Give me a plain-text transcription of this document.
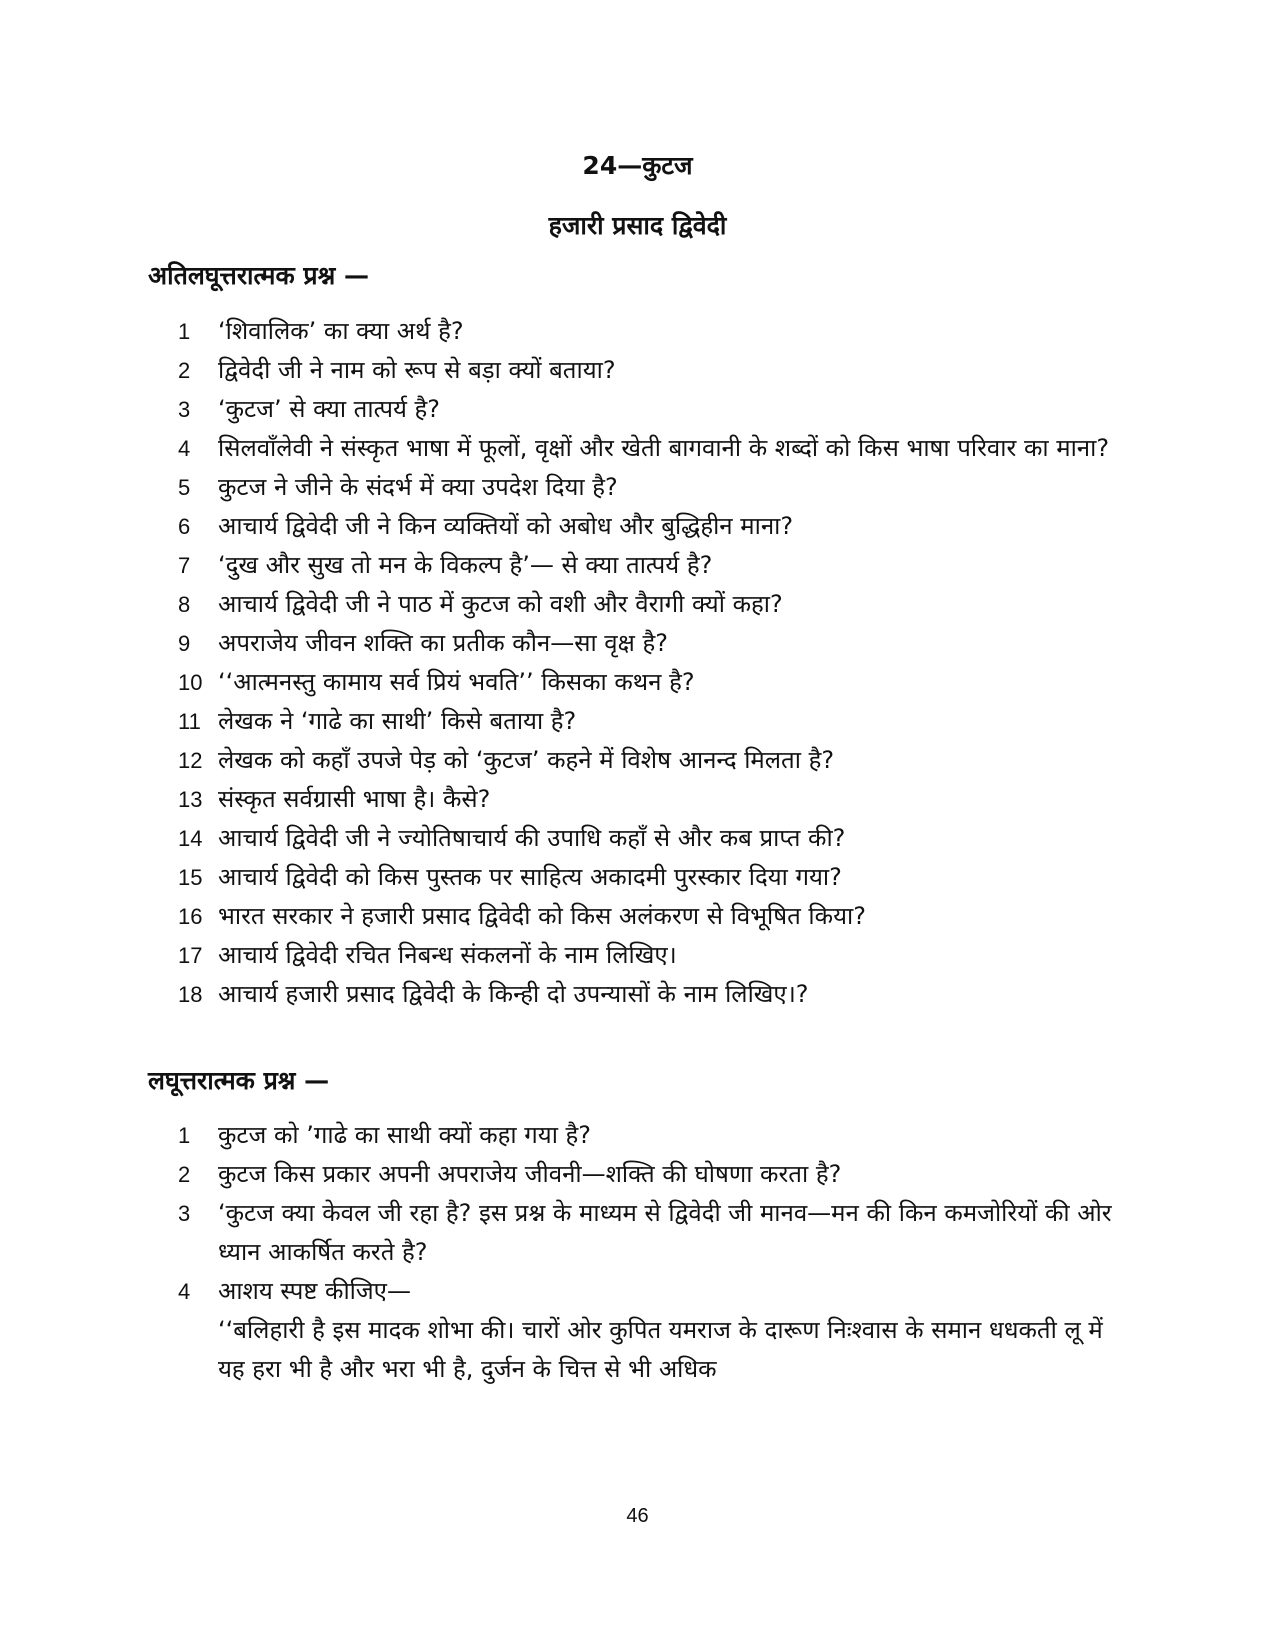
24—कुटज
हजारी प्रसाद द्विवेदी
अतिलघूत्तरात्मक प्रश्न —
1	‘शिवालिक’ का क्या अर्थ है?
2	द्विवेदी जी ने नाम को रूप से बड़ा क्यों बताया?
3	‘कुटज’ से क्या तात्पर्य है?
4	सिलवाँलेवी ने संस्कृत भाषा में फूलों, वृक्षों और खेती बागवानी के शब्दों को किस भाषा परिवार का माना?
5	कुटज ने जीने के संदर्भ में क्या उपदेश दिया है?
6	आचार्य द्विवेदी जी ने किन व्यक्तियों को अबोध और बुद्धिहीन माना?
7	‘दुख और सुख तो मन के विकल्प है’— से क्या तात्पर्य है?
8	आचार्य द्विवेदी जी ने पाठ में कुटज को वशी और वैरागी क्यों कहा?
9	अपराजेय जीवन शक्ति का प्रतीक कौन—सा वृक्ष है?
10 ‘‘आत्मनस्तु कामाय सर्व प्रियं भवति’’ किसका कथन है?
11 लेखक ने ‘गाढे का साथी’ किसे बताया है?
12 लेखक को कहाँ उपजे पेड़ को ‘कुटज’ कहने में विशेष आनन्द मिलता है?
13 संस्कृत सर्वग्रासी भाषा है। कैसे?
14 आचार्य द्विवेदी जी ने ज्योतिषाचार्य की उपाधि कहाँ से और कब प्राप्त की?
15 आचार्य द्विवेदी को किस पुस्तक पर साहित्य अकादमी पुरस्कार दिया गया?
16 भारत सरकार ने हजारी प्रसाद द्विवेदी को किस अलंकरण से विभूषित किया?
17 आचार्य द्विवेदी रचित निबन्ध संकलनों के नाम लिखिए।
18 आचार्य हजारी प्रसाद द्विवेदी के किन्ही दो उपन्यासों के नाम लिखिए।?
लघूत्तरात्मक प्रश्न —
1	कुटज को ’गाढे का साथी क्यों कहा गया है?
2	कुटज किस प्रकार अपनी अपराजेय जीवनी—शक्ति की घोषणा करता है?
3	‘कुटज क्या केवल जी रहा है? इस प्रश्न के माध्यम से द्विवेदी जी मानव—मन की किन कमजोरियों की ओर ध्यान आकर्षित करते है?
4	आशय स्पष्ट कीजिए—
‘‘बलिहारी है इस मादक शोभा की। चारों ओर कुपित यमराज के दारूण निःश्वास के समान धधकती लू में यह हरा भी है और भरा भी है, दुर्जन के चित्त से भी अधिक
46
